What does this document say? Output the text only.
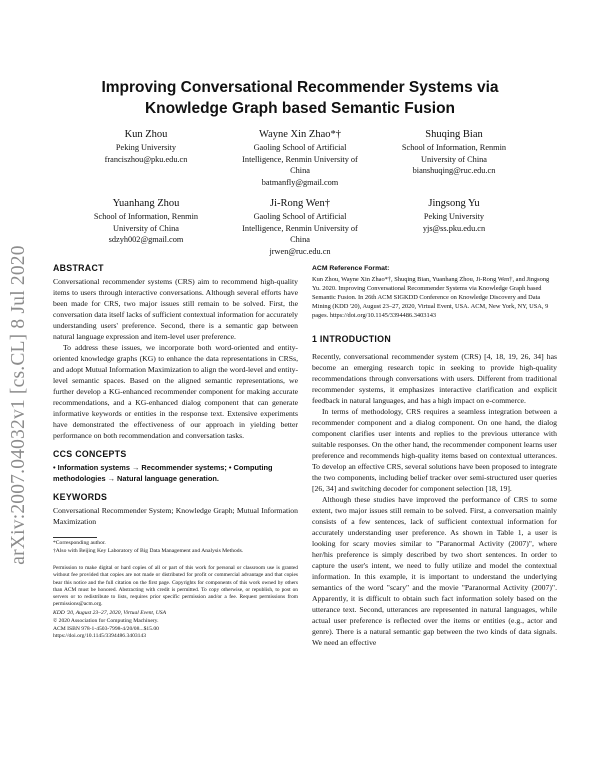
arXiv:2007.04032v1 [cs.CL] 8 Jul 2020
Improving Conversational Recommender Systems via Knowledge Graph based Semantic Fusion
Kun Zhou
Peking University
franciszhou@pku.edu.cn
Wayne Xin Zhao*†
Gaoling School of Artificial
Intelligence, Renmin University of
China
batmanfly@gmail.com
Shuqing Bian
School of Information, Renmin
University of China
bianshuqing@ruc.edu.cn
Yuanhang Zhou
School of Information, Renmin
University of China
sdzyh002@gmail.com
Ji-Rong Wen†
Gaoling School of Artificial
Intelligence, Renmin University of
China
jrwen@ruc.edu.cn
Jingsong Yu
Peking University
yjs@ss.pku.edu.cn
ABSTRACT

Conversational recommender systems (CRS) aim to recommend high-quality items to users through interactive conversations. Although several efforts have been made for CRS, two major issues still remain to be solved. First, the conversation data itself lacks of sufficient contextual information for accurately understanding users' preference. Second, there is a semantic gap between natural language expression and item-level user preference.

To address these issues, we incorporate both word-oriented and entity-oriented knowledge graphs (KG) to enhance the data representations in CRSs, and adopt Mutual Information Maximization to align the word-level and entity-level semantic spaces. Based on the aligned semantic representations, we further develop a KG-enhanced recommender component for making accurate recommendations, and a KG-enhanced dialog component that can generate informative keywords or entities in the response text. Extensive experiments have demonstrated the effectiveness of our approach in yielding better performance on both recommendation and conversation tasks.

CCS CONCEPTS
• Information systems → Recommender systems; • Computing methodologies → Natural language generation.
KEYWORDS

Conversational Recommender System; Knowledge Graph; Mutual Information Maximization

*Corresponding author.

†Also with Beijing Key Laboratory of Big Data Management and Analysis Methods.

Permission to make digital or hard copies of all or part of this work for personal or classroom use is granted without fee provided that copies are not made or distributed for profit or commercial advantage and that copies bear this notice and the full citation on the first page. Copyrights for components of this work owned by others than ACM must be honored. Abstracting with credit is permitted. To copy otherwise, or republish, to post on servers or to redistribute to lists, requires prior specific permission and/or a fee. Request permissions from permissions@acm.org.

KDD '20, August 23–27, 2020, Virtual Event, USA

© 2020 Association for Computing Machinery.

ACM ISBN 978-1-4503-7998-4/20/08...$15.00

https://doi.org/10.1145/3394486.3403143

ACM Reference Format:

Kun Zhou, Wayne Xin Zhao*†, Shuqing Bian, Yuanhang Zhou, Ji-Rong Wen†, and Jingsong Yu. 2020. Improving Conversational Recommender Systems via Knowledge Graph based Semantic Fusion. In 26th ACM SIGKDD Conference on Knowledge Discovery and Data Mining (KDD '20), August 23–27, 2020, Virtual Event, USA. ACM, New York, NY, USA, 9 pages. https://doi.org/10.1145/3394486.3403143

1 INTRODUCTION

Recently, conversational recommender system (CRS) [4, 18, 19, 26, 34] has become an emerging research topic in seeking to provide high-quality recommendations through conversations with users. Different from traditional recommender systems, it emphasizes interactive clarification and explicit feedback in natural languages, and has a high impact on e-commerce.

In terms of methodology, CRS requires a seamless integration between a recommender component and a dialog component. On one hand, the dialog component clarifies user intents and replies to the previous utterance with suitable responses. On the other hand, the recommender component learns user preference and recommends high-quality items based on contextual utterances. To develop an effective CRS, several solutions have been proposed to integrate the two components, including belief tracker over semi-structured user queries [26, 34] and switching decoder for component selection [18, 19].

Although these studies have improved the performance of CRS to some extent, two major issues still remain to be solved. First, a conversation mainly consists of a few sentences, lack of sufficient contextual information for accurately understanding user preference. As shown in Table 1, a user is looking for scary movies similar to "Paranormal Activity (2007)", where her/his preference is simply described by two short sentences. In order to capture the user's intent, we need to fully utilize and model the contextual information. In this example, it is important to understand the underlying semantics of the word "scary" and the movie "Paranormal Activity (2007)". Apparently, it is difficult to obtain such fact information solely based on the utterance text. Second, utterances are represented in natural languages, while actual user preference is reflected over the items or entities (e.g., actor and genre). There is a natural semantic gap between the two kinds of data signals. We need an effective
